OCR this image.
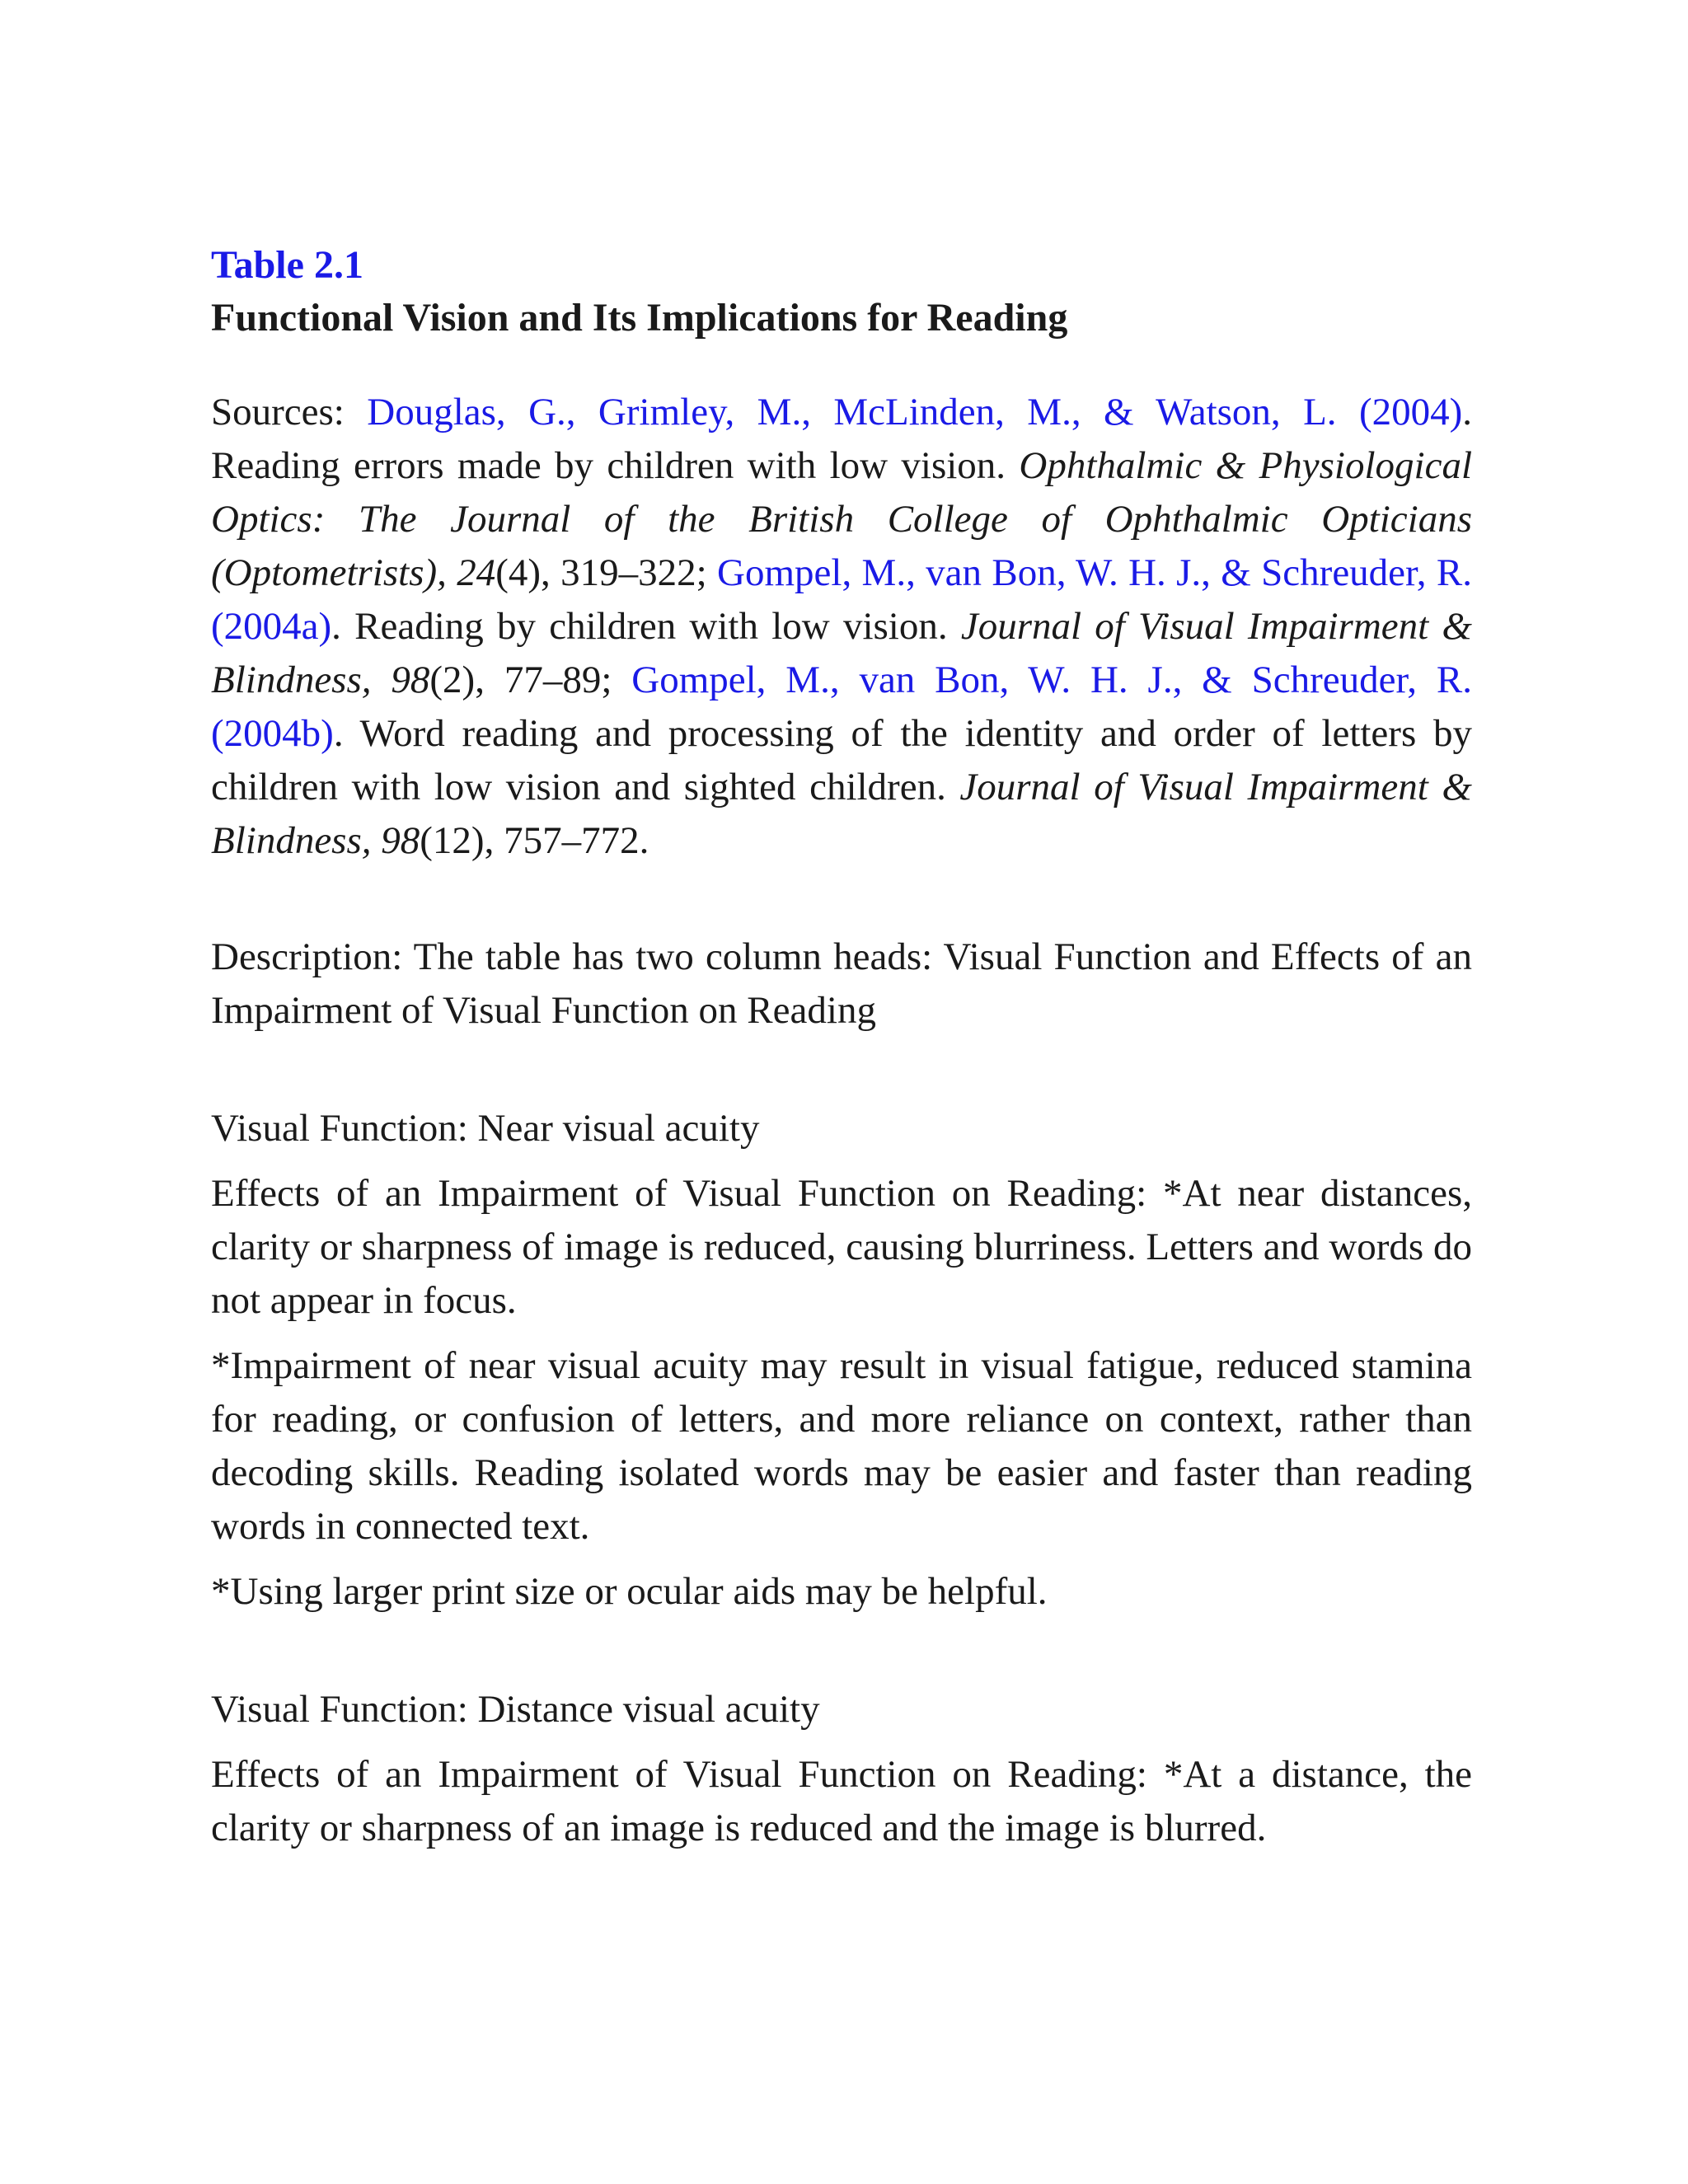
Table 2.1

Functional Vision and Its Implications for Reading

Sources: Douglas, G., Grimley, M., McLinden, M., & Watson, L. (2004). Reading errors made by children with low vision. Ophthalmic & Physiological Optics: The Journal of the British College of Ophthalmic Opticians (Optometrists), 24(4), 319–322; Gompel, M., van Bon, W. H. J., & Schreuder, R. (2004a). Reading by children with low vision. Journal of Visual Impairment & Blindness, 98(2), 77–89; Gompel, M., van Bon, W. H. J., & Schreuder, R. (2004b). Word reading and processing of the identity and order of letters by children with low vision and sighted children. Journal of Visual Impairment & Blindness, 98(12), 757–772.

Description: The table has two column heads: Visual Function and Effects of an Impairment of Visual Function on Reading

Visual Function: Near visual acuity

Effects of an Impairment of Visual Function on Reading: *At near distances, clarity or sharpness of image is reduced, causing blurriness. Letters and words do not appear in focus.

*Impairment of near visual acuity may result in visual fatigue, reduced stamina for reading, or confusion of letters, and more reliance on context, rather than decoding skills. Reading isolated words may be easier and faster than reading words in connected text.

*Using larger print size or ocular aids may be helpful.

Visual Function: Distance visual acuity

Effects of an Impairment of Visual Function on Reading: *At a distance, the clarity or sharpness of an image is reduced and the image is blurred.
